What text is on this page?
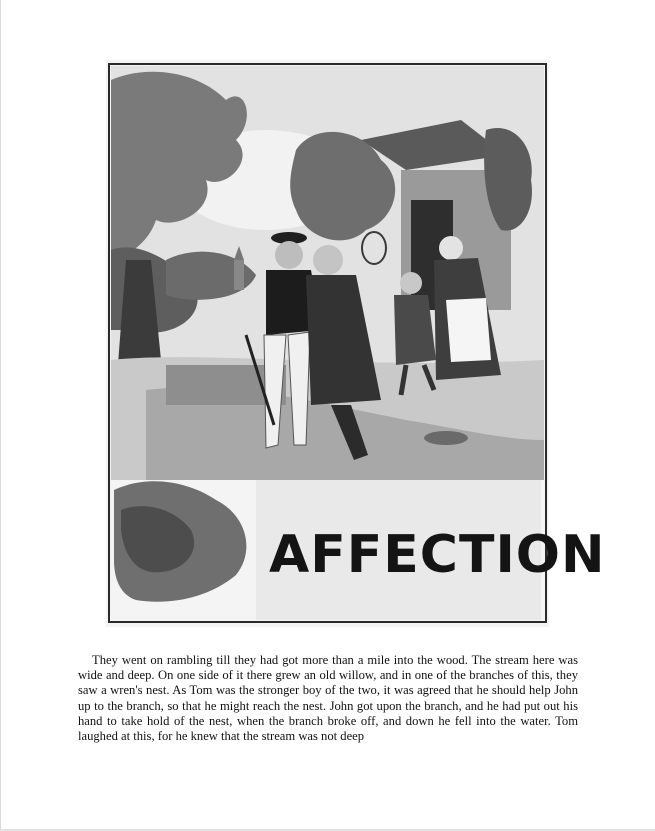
AFFECTION

They went on rambling till they had got more than a mile into the wood. The stream here was wide and deep. On one side of it there grew an old willow, and in one of the branches of this, they saw a wren's nest. As Tom was the stronger boy of the two, it was agreed that he should help John up to the branch, so that he might reach the nest. John got upon the branch, and he had put out his hand to take hold of the nest, when the branch broke off, and down he fell into the water. Tom laughed at this, for he knew that the stream was not deep
